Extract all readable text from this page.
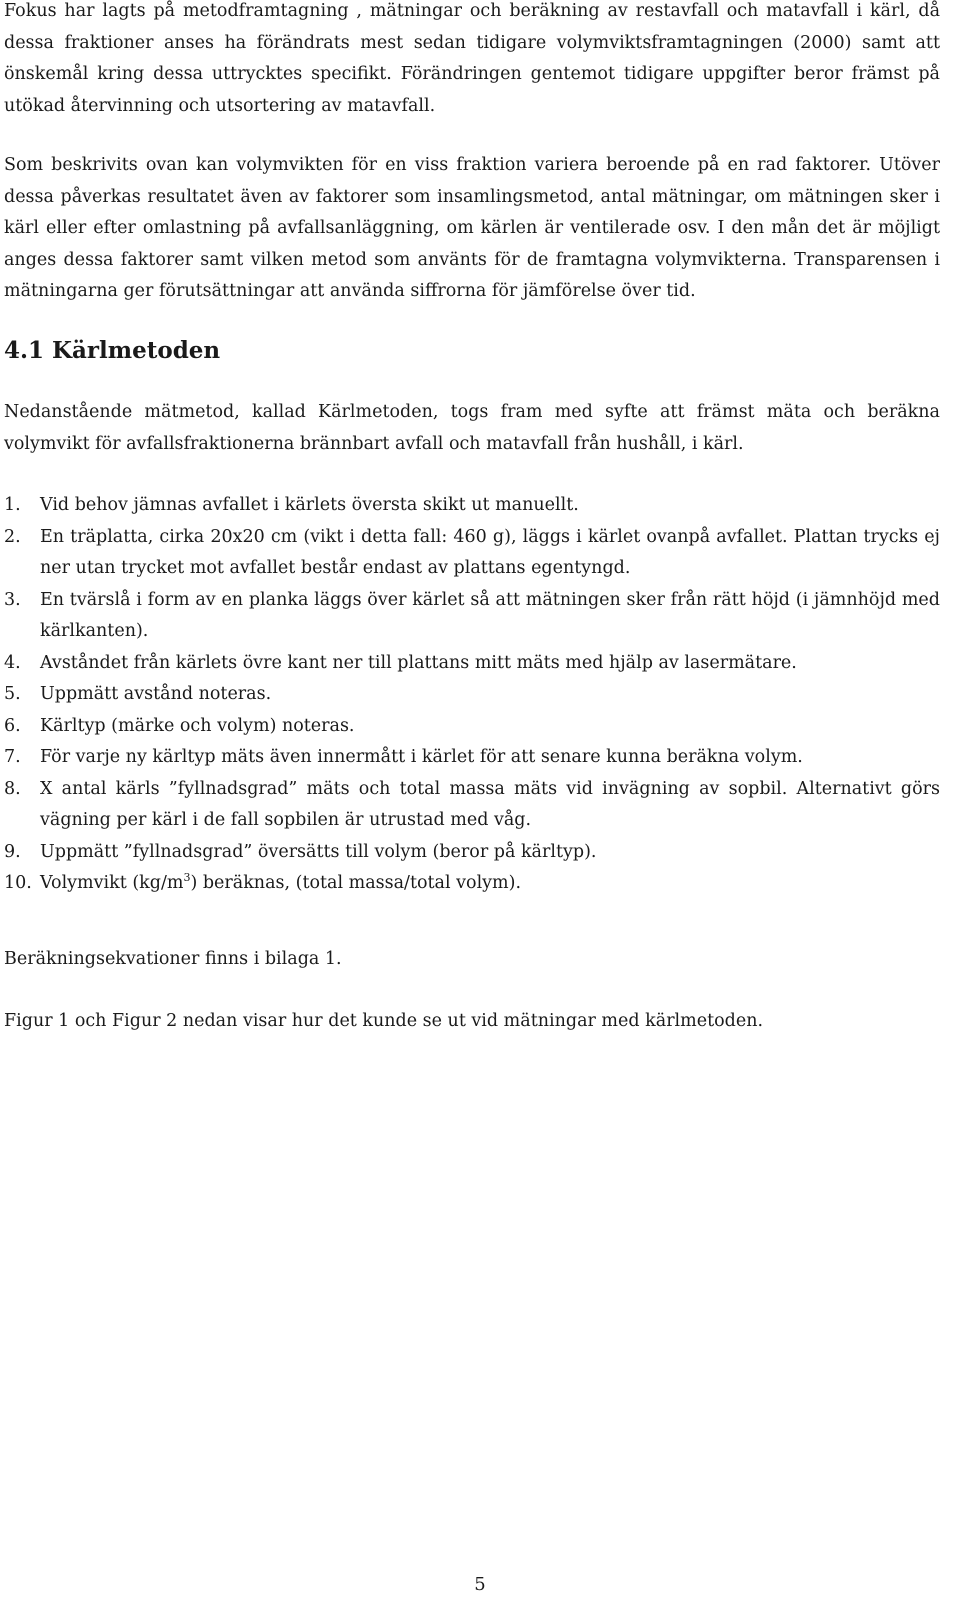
Fokus har lagts på metodframtagning , mätningar och beräkning av restavfall och matavfall i kärl, då dessa fraktioner anses ha förändrats mest sedan tidigare volymviktsframtagningen (2000) samt att önskemål kring dessa uttrycktes specifikt. Förändringen gentemot tidigare uppgifter beror främst på utökad återvinning och utsortering av matavfall.

Som beskrivits ovan kan volymvikten för en viss fraktion variera beroende på en rad faktorer. Utöver dessa påverkas resultatet även av faktorer som insamlingsmetod, antal mätningar, om mätningen sker i kärl eller efter omlastning på avfallsanläggning, om kärlen är ventilerade osv. I den mån det är möjligt anges dessa faktorer samt vilken metod som använts för de framtagna volymvikterna. Transparensen i mätningarna ger förutsättningar att använda siffrorna för jämförelse över tid.

4.1 Kärlmetoden

Nedanstående mätmetod, kallad Kärlmetoden, togs fram med syfte att främst mäta och beräkna volymvikt för avfallsfraktionerna brännbart avfall och matavfall från hushåll, i kärl.

1.	Vid behov jämnas avfallet i kärlets översta skikt ut manuellt.
2.	En träplatta, cirka 20x20 cm (vikt i detta fall: 460 g), läggs i kärlet ovanpå avfallet. Plattan trycks ej ner utan trycket mot avfallet består endast av plattans egentyngd.
3.	En tvärslå i form av en planka läggs över kärlet så att mätningen sker från rätt höjd (i jämnhöjd med kärlkanten).
4.	Avståndet från kärlets övre kant ner till plattans mitt mäts med hjälp av lasermätare.
5.	Uppmätt avstånd noteras.
6.	Kärltyp (märke och volym) noteras.
7.	För varje ny kärltyp mäts även innermått i kärlet för att senare kunna beräkna volym.
8.	X antal kärls ”fyllnadsgrad” mäts och total massa mäts vid invägning av sopbil. Alternativt görs vägning per kärl i de fall sopbilen är utrustad med våg.
9.	Uppmätt ”fyllnadsgrad” översätts till volym (beror på kärltyp).
10. Volymvikt $(kg/m^3)$ beräknas, (total massa/total volym).

Beräkningsekvationer finns i bilaga 1.

Figur 1 och Figur 2 nedan visar hur det kunde se ut vid mätningar med kärlmetoden.

5
